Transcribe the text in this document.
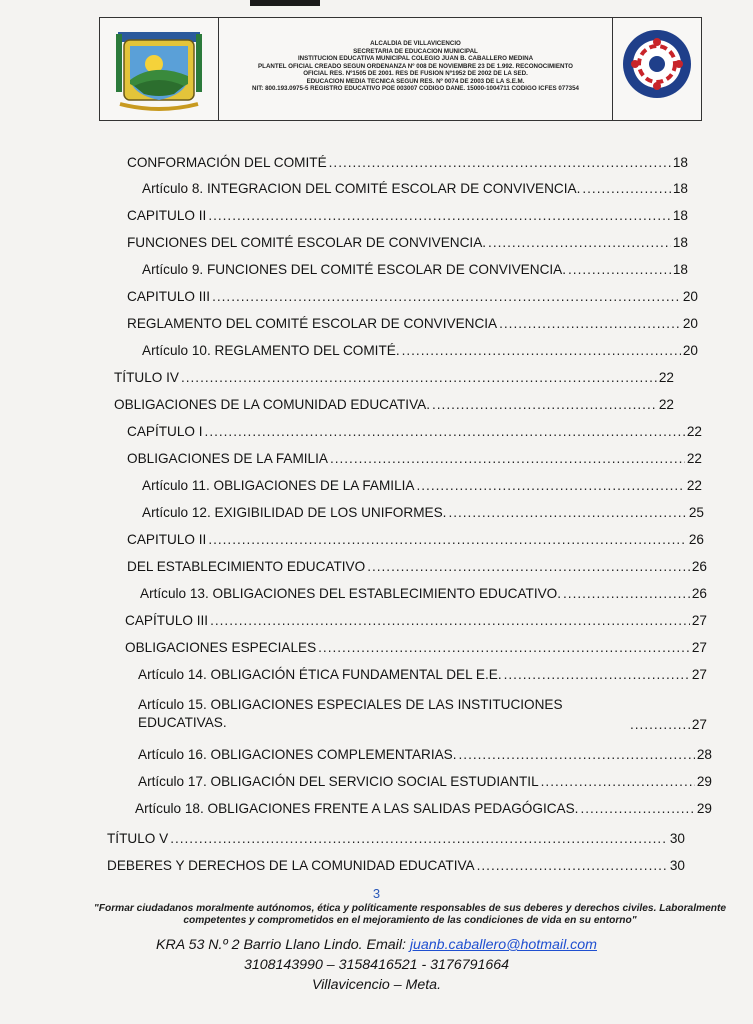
ALCALDÍA DE VILLAVICENCIO
SECRETARIA DE EDUCACIÓN MUNICIPAL
INSTITUCIÓN EDUCATIVA MUNICIPAL COLEGIO JUAN B. CABALLERO MEDINA
PLANTEL OFICIAL CREADO SEGÚN ORDENANZA Nº 008 DE NOVIEMBRE 23 DE 1.992. RECONOCIMIENTO
OFICIAL RES. Nº1505 DE 2001. RES DE FUSION Nº1952 DE 2002 DE LA SED.
EDUCACION MEDIA TECNICA SEGÚN RES. Nº 0074 DE 2003 DE LA S.E.M.
NIT: 800.193.0975-5 REGISTRO EDUCATIVO POE 003007 CODIGO DANE. 15000-1004711 CODIGO ICFES 077354
CONFORMACIÓN DEL COMITÉ .....	18
Artículo 8. INTEGRACION DEL COMITÉ ESCOLAR DE CONVIVENCIA. .....	18
CAPITULO II .....	18
FUNCIONES DEL COMITÉ ESCOLAR DE CONVIVENCIA. .....	18
Artículo 9. FUNCIONES DEL COMITÉ ESCOLAR DE CONVIVENCIA. .....	18
CAPITULO III .....	20
REGLAMENTO DEL COMITÉ ESCOLAR DE CONVIVENCIA .....	20
Artículo 10. REGLAMENTO DEL COMITÉ. .....	20
TÍTULO IV .....	22
OBLIGACIONES DE LA COMUNIDAD EDUCATIVA. .....	22
CAPÍTULO I .....	22
OBLIGACIONES DE LA FAMILIA .....	22
Artículo 11. OBLIGACIONES DE LA FAMILIA .....	22
Artículo 12. EXIGIBILIDAD DE LOS UNIFORMES. .....	25
CAPITULO II .....	26
DEL ESTABLECIMIENTO EDUCATIVO .....	26
Artículo 13. OBLIGACIONES DEL ESTABLECIMIENTO EDUCATIVO. .....	26
CAPÍTULO III .....	27
OBLIGACIONES ESPECIALES .....	27
Artículo 14. OBLIGACIÓN ÉTICA FUNDAMENTAL DEL E.E. .....	27
Artículo 15. OBLIGACIONES ESPECIALES DE LAS INSTITUCIONES EDUCATIVAS. .....	27
Artículo 16. OBLIGACIONES COMPLEMENTARIAS. .....	28
Artículo 17. OBLIGACIÓN DEL SERVICIO SOCIAL ESTUDIANTIL .....	29
Artículo 18. OBLIGACIONES FRENTE A LAS SALIDAS PEDAGÓGICAS. .....	29
TÍTULO V .....	30
DEBERES Y DERECHOS DE LA COMUNIDAD EDUCATIVA .....	30
3
"Formar ciudadanos moralmente autónomos, ética y políticamente responsables de sus deberes y derechos civiles. Laboralmente
competentes y comprometidos en el mejoramiento de las condiciones de vida en su entorno"
KRA 53 N.º 2 Barrio Llano Lindo. Email: juanb.caballero@hotmail.com
3108143990 – 3158416521 - 3176791664
Villavicencio – Meta.
